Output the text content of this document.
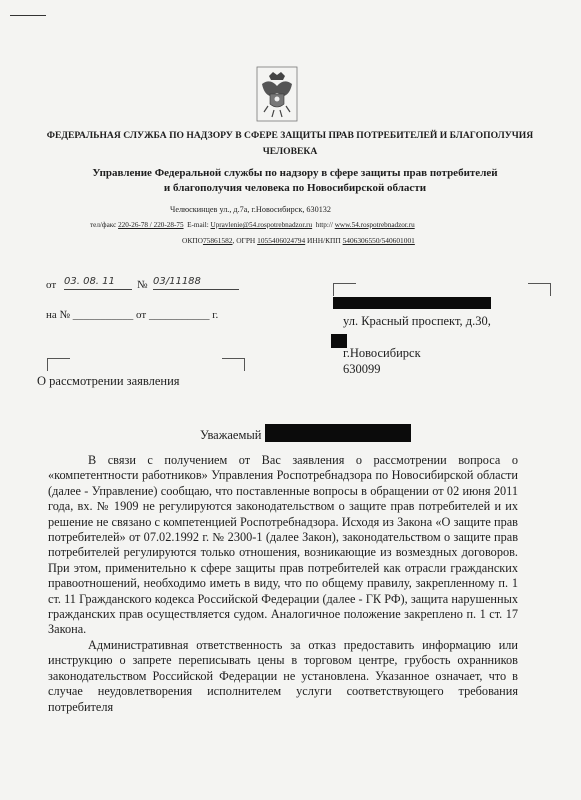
ФЕДЕРАЛЬНАЯ СЛУЖБА ПО НАДЗОРУ В СФЕРЕ ЗАЩИТЫ ПРАВ ПОТРЕБИТЕЛЕЙ И БЛАГОПОЛУЧИЯ
ЧЕЛОВЕКА
Управление Федеральной службы по надзору в сфере защиты прав потребителей и благополучия человека по Новосибирской области
Челюскинцев ул., д.7а, г.Новосибирск, 630132
тел/факс 220-26-78 / 220-28-75 E-mail: Upravlenie@54.rospotrebnadzor.ru http:// www.54.rospotrebnadzor.ru
ОКПО75861582, ОГРН 1055406024794 ИНН/КПП 5406306550/540601001
от 03. 08. 11	№ 03/11188
на № ___________ от ___________ г.	ул. Красный проспект, д.30,
г.Новосибирск
630099
О рассмотрении заявления
Уважаемый

В связи с получением от Вас заявления о рассмотрении вопроса о «компетентности работников» Управления Роспотребнадзора по Новосибирской области (далее - Управление) сообщаю, что поставленные вопросы в обращении от 02 июня 2011 года, вх. № 1909 не регулируются законодательством о защите прав потребителей и их решение не связано с компетенцией Роспотребнадзора. Исходя из Закона «О защите прав потребителей» от 07.02.1992 г. № 2300-1 (далее Закон), законодательством о защите прав потребителей регулируются только отношения, возникающие из возмездных договоров. При этом, применительно к сфере защиты прав потребителей как отрасли гражданских правоотношений, необходимо иметь в виду, что по общему правилу, закрепленному п. 1 ст. 11 Гражданского кодекса Российской Федерации (далее - ГК РФ), защита нарушенных гражданских прав осуществляется судом. Аналогичное положение закреплено п. 1 ст. 17 Закона.

Административная ответственность за отказ предоставить информацию или инструкцию о запрете переписывать цены в торговом центре, грубость охранников законодательством Российской Федерации не установлена. Указанное означает, что в случае неудовлетворения исполнителем услуги соответствующего требования потребителя
